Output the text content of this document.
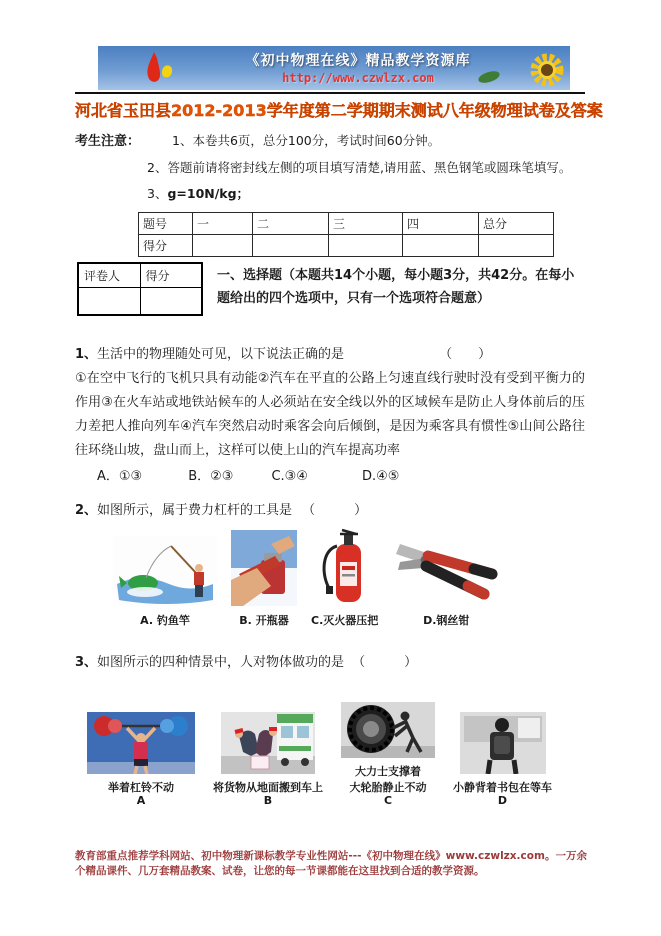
《初中物理在线》精品教学资源库
http://www.czwlzx.com
河北省玉田县2012-2013学年度第二学期期末测试八年级物理试卷及答案
考生注意：	1、本卷共6页，总分100分，考试时间60分钟。
2、答题前请将密封线左侧的项目填写清楚,请用蓝、黑色钢笔或圆珠笔填写。
3、g=10N/kg；
题号	一	二	三	四	总分
得分					
评卷人	得分
		一、选择题（本题共14个小题，每小题3分，共42分。在每小题给出的四个选项中，只有一个选项符合题意）
1、生活中的物理随处可见，以下说法正确的是	（　　）
①在空中飞行的飞机只具有动能②汽车在平直的公路上匀速直线行驶时没有受到平衡力的作用③在火车站或地铁站候车的人必须站在安全线以外的区域候车是防止人身体前后的压力差把人推向列车④汽车突然启动时乘客会向后倾倒，是因为乘客具有惯性⑤山间公路往往环绕山坡，盘山而上，这样可以使上山的汽车提高功率
A．①③	B．②③	C.③④	D.④⑤
2、如图所示，属于费力杠杆的工具是 （　　　）
A. 钓鱼竿	B. 开瓶器	C.灭火器压把	D.钢丝钳
3、如图所示的四种情景中，人对物体做功的是 （　　　）
举着杠铃不动
A
将货物从地面搬到车上
B
大力士支撑着
大轮胎静止不动
C
小静背着书包在等车
D
教育部重点推荐学科网站、初中物理新课标教学专业性网站---《初中物理在线》www.czwlzx.com。一万余个精品课件、几万套精品教案、试卷，让您的每一节课都能在这里找到合适的教学资源。
